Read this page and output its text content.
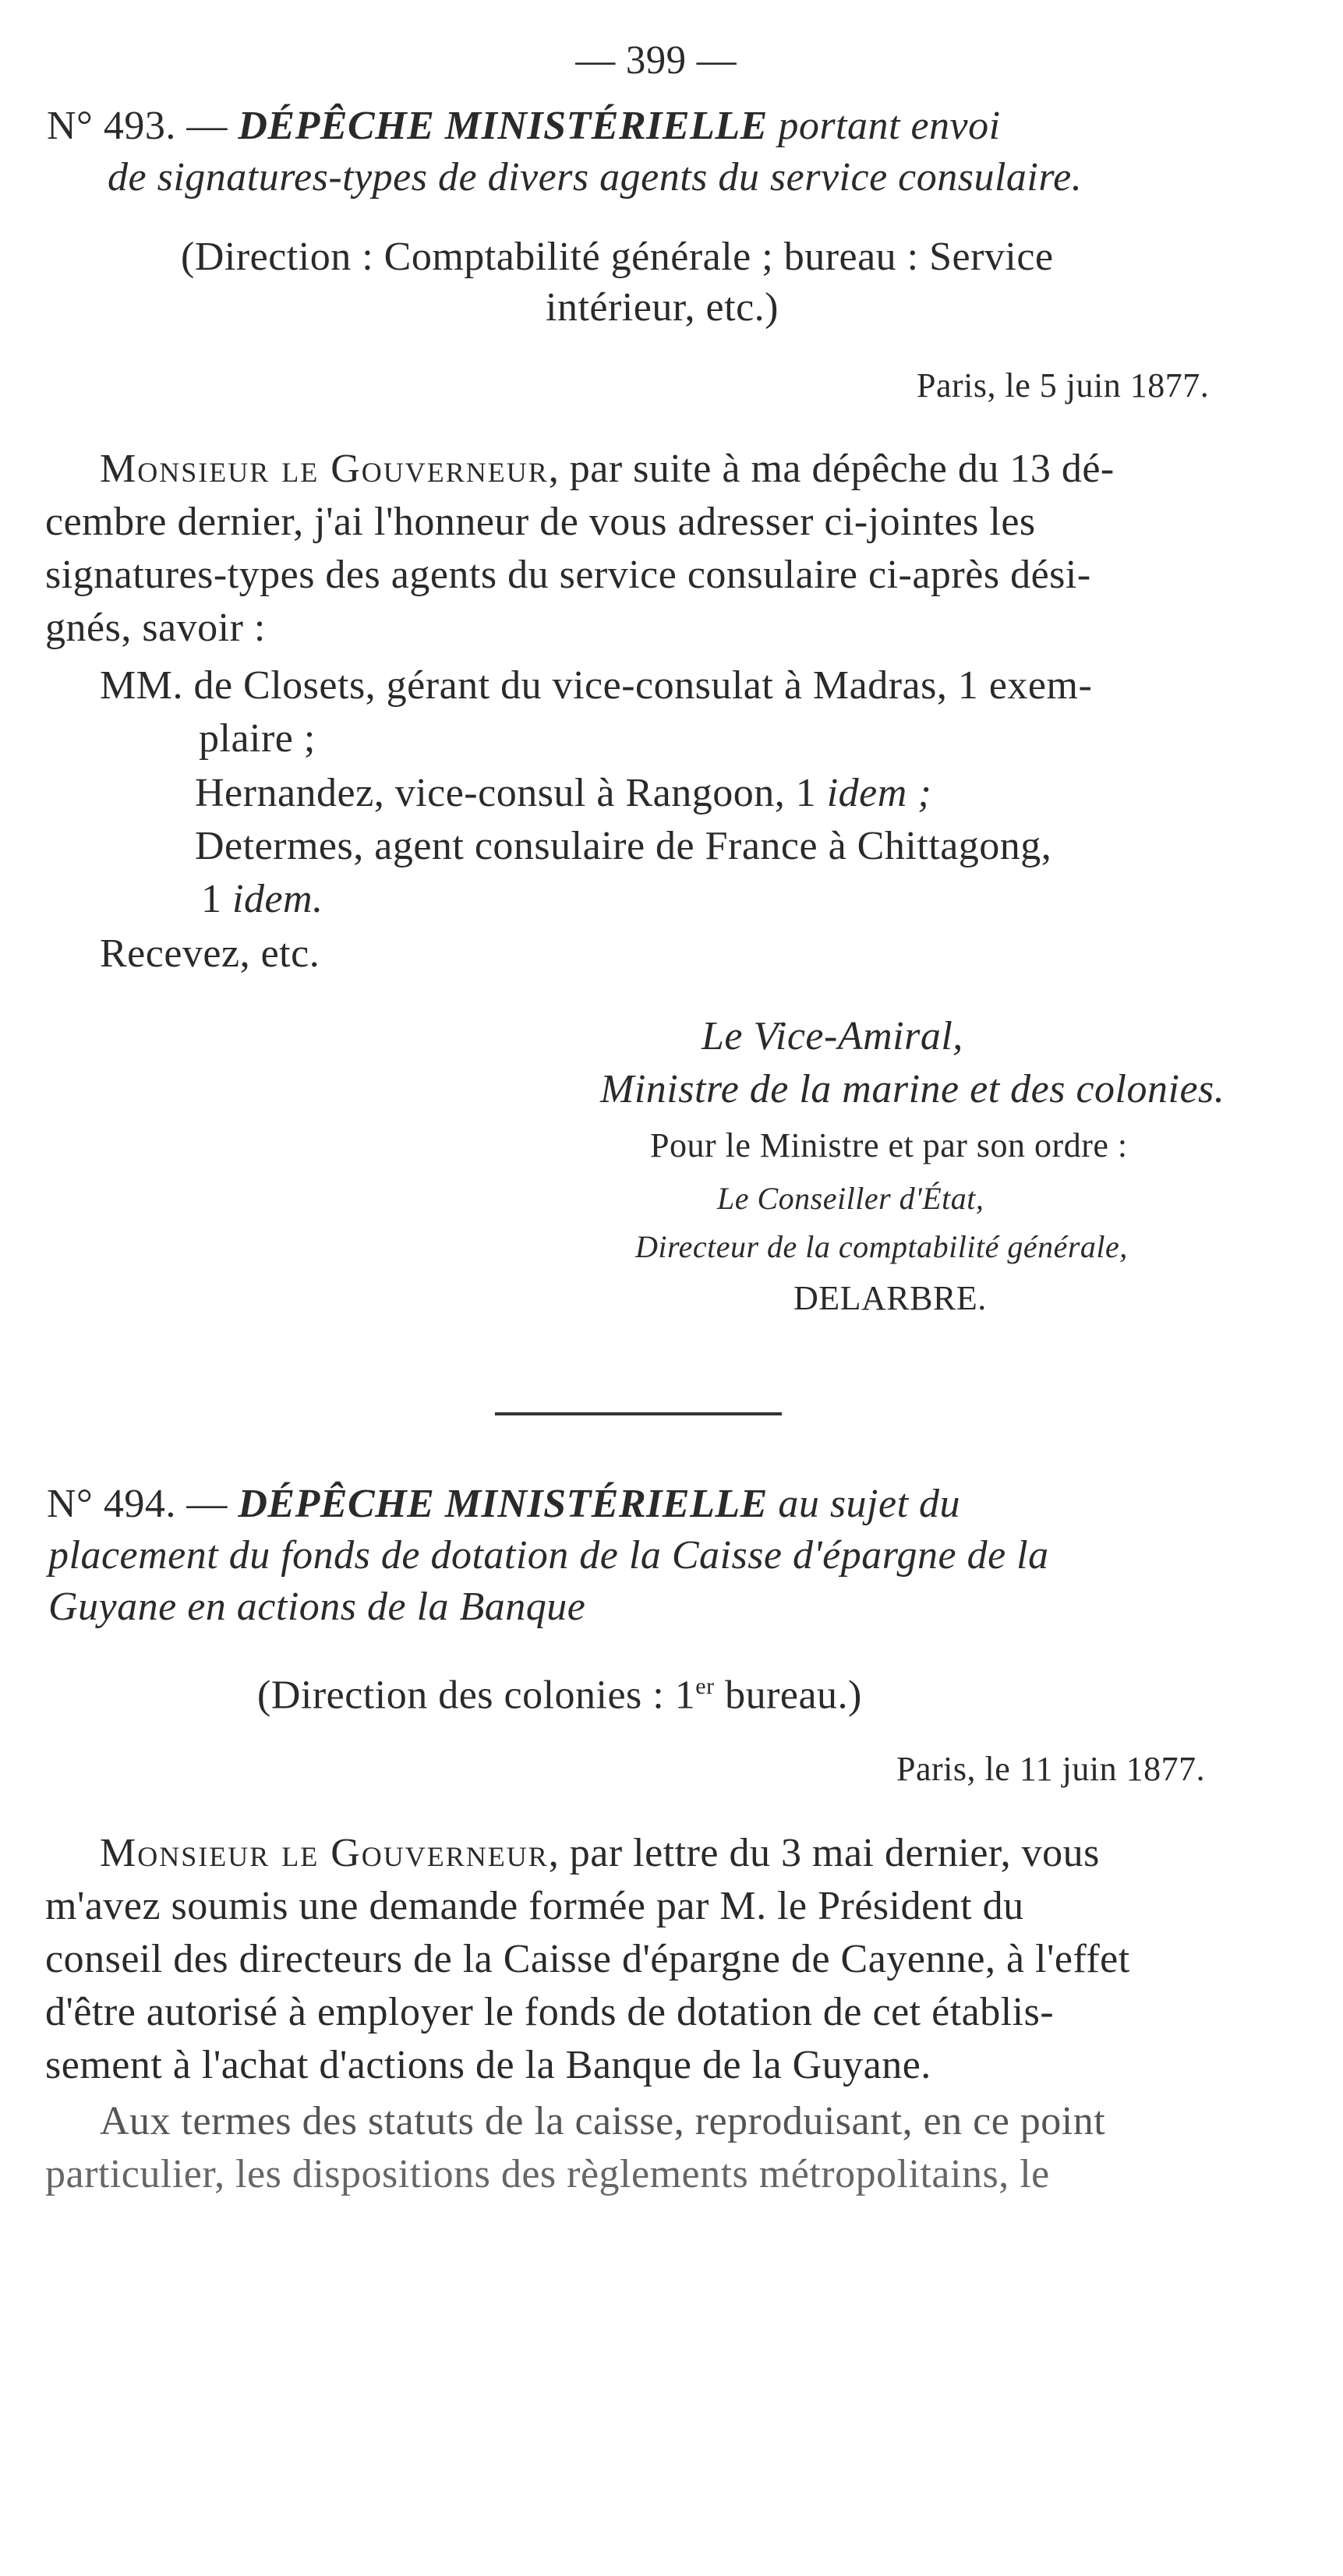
— 399 —
N° 493. — DÉPÊCHE MINISTÉRIELLE portant envoi
de signatures-types de divers agents du service consulaire.
(Direction : Comptabilité générale ; bureau : Service
intérieur, etc.)
Paris, le 5 juin 1877.
Monsieur le Gouverneur, par suite à ma dépêche du 13 dé-
cembre dernier, j'ai l'honneur de vous adresser ci-jointes les
signatures-types des agents du service consulaire ci-après dési-
gnés, savoir :
MM. de Closets, gérant du vice-consulat à Madras, 1 exem-
plaire ;
Hernandez, vice-consul à Rangoon, 1 idem ;
Determes, agent consulaire de France à Chittagong,
1 idem.
Recevez, etc.
Le Vice-Amiral,
Ministre de la marine et des colonies.
Pour le Ministre et par son ordre :
Le Conseiller d'État,
Directeur de la comptabilité générale,
DELARBRE.
N° 494. — DÉPÊCHE MINISTÉRIELLE au sujet du
placement du fonds de dotation de la Caisse d'épargne de la
Guyane en actions de la Banque
(Direction des colonies : 1er bureau.)
Paris, le 11 juin 1877.
Monsieur le Gouverneur, par lettre du 3 mai dernier, vous
m'avez soumis une demande formée par M. le Président du
conseil des directeurs de la Caisse d'épargne de Cayenne, à l'effet
d'être autorisé à employer le fonds de dotation de cet établis-
sement à l'achat d'actions de la Banque de la Guyane.
Aux termes des statuts de la caisse, reproduisant, en ce point
particulier, les dispositions des règlements métropolitains, le
